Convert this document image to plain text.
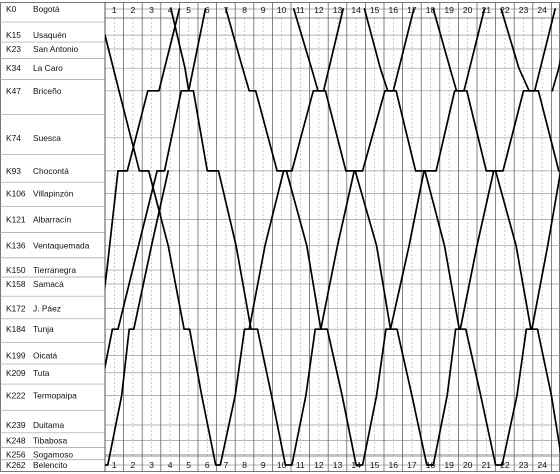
K0 Bogotá
K15 Usaquén
K23 San Antonio
K34 La Caro
K47 Briceño
K74 Suesca
K93 Chocontá
K106 Villapinzón
K121 Albarracín
K136 Ventaquemada
K150 Tierranegra
K158 Samacá
K172 J. Páez
K184 Tunja
K199 Oicatá
K209 Tuta
K222 Termopaipa
K239 Duitama
K248 Tibabosa
K256 Sogamoso
K262 Belencito
1
1
2
2
3
3
4
4
5
5
6
6
7
7
8
8
9
9
10
10
11
11
12
12
13
13
14
14
15
15
16
16
17
17
18
18
19
19
20
20
21
21
22
22
23
23
24
24
